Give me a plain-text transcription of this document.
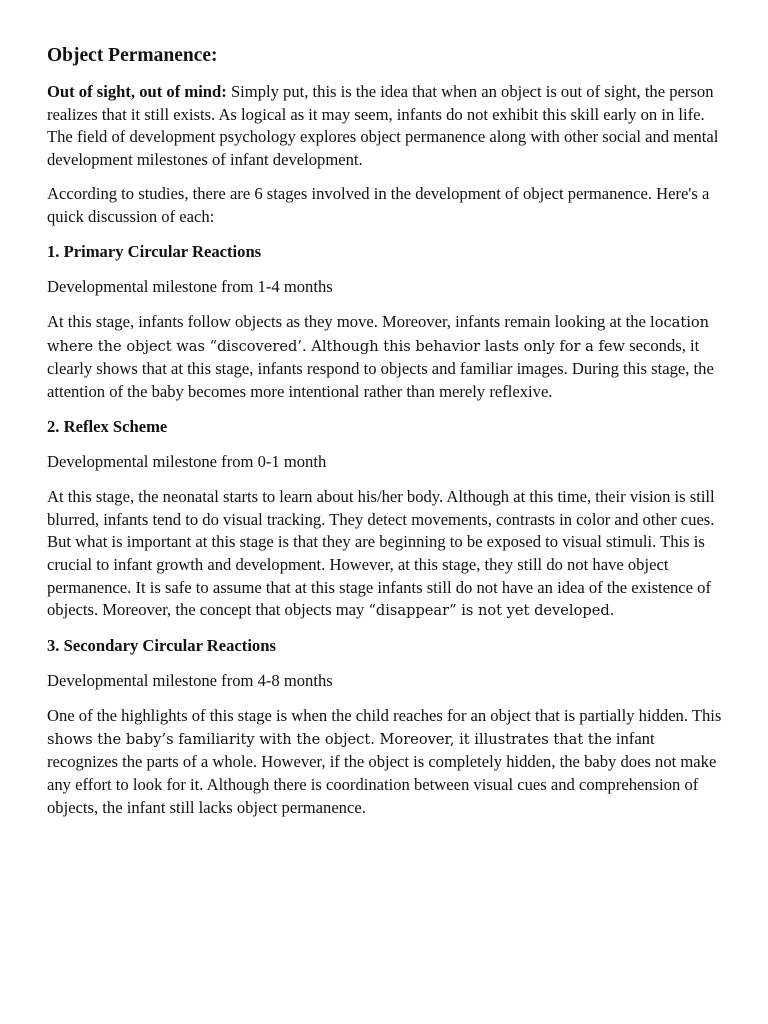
Object Permanence:

Out of sight, out of mind: Simply put, this is the idea that when an object is out of sight, the person realizes that it still exists. As logical as it may seem, infants do not exhibit this skill early on in life. The field of development psychology explores object permanence along with other social and mental development milestones of infant development.

According to studies, there are 6 stages involved in the development of object permanence. Here's a quick discussion of each:

1. Primary Circular Reactions

Developmental milestone from 1-4 months

At this stage, infants follow objects as they move. Moreover, infants remain looking at the location where the object was “discovered’. Although this behavior lasts only for a few seconds, it clearly shows that at this stage, infants respond to objects and familiar images. During this stage, the attention of the baby becomes more intentional rather than merely reflexive.

2. Reflex Scheme

Developmental milestone from 0-1 month

At this stage, the neonatal starts to learn about his/her body. Although at this time, their vision is still blurred, infants tend to do visual tracking. They detect movements, contrasts in color and other cues. But what is important at this stage is that they are beginning to be exposed to visual stimuli. This is crucial to infant growth and development. However, at this stage, they still do not have object permanence. It is safe to assume that at this stage infants still do not have an idea of the existence of objects. Moreover, the concept that objects may “disappear” is not yet developed.

3. Secondary Circular Reactions

Developmental milestone from 4-8 months

One of the highlights of this stage is when the child reaches for an object that is partially hidden. This shows the baby’s familiarity with the object. Moreover, it illustrates that the infant recognizes the parts of a whole. However, if the object is completely hidden, the baby does not make any effort to look for it. Although there is coordination between visual cues and comprehension of objects, the infant still lacks object permanence.
